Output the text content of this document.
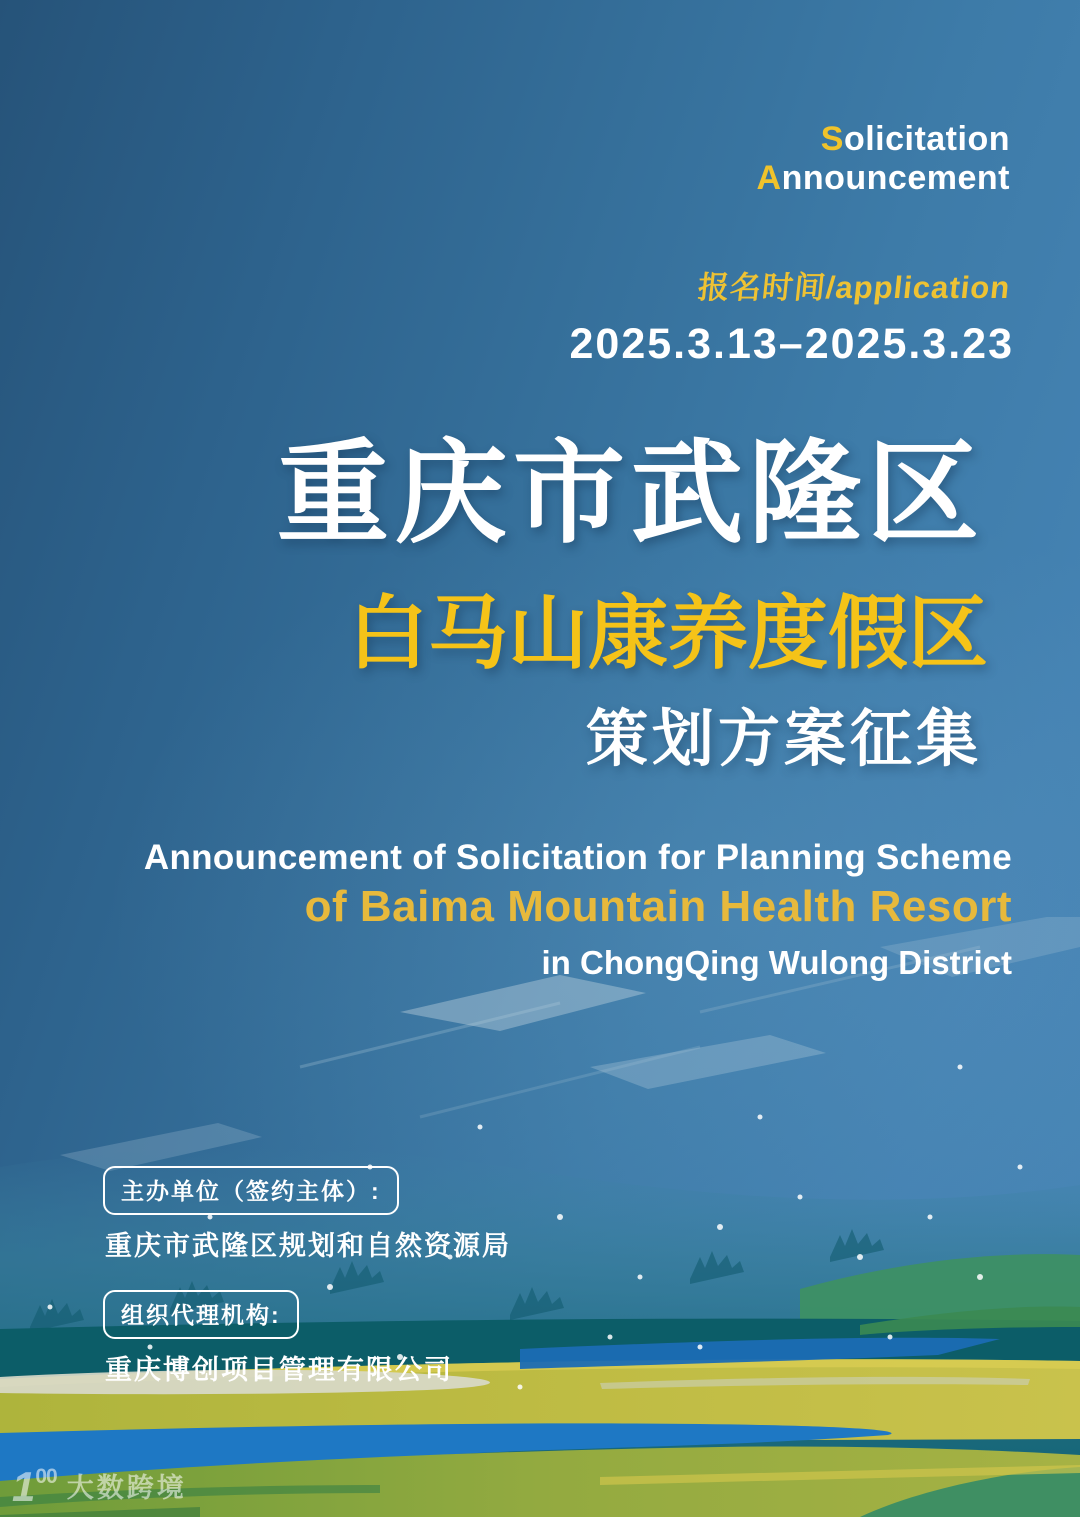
Solicitation
Announcement
报名时间/application
2025.3.13–2025.3.23
重庆市武隆区
白马山康养度假区
策划方案征集
Announcement of Solicitation for Planning Scheme
of Baima Mountain Health Resort
in ChongQing Wulong District
主办单位（签约主体）:
重庆市武隆区规划和自然资源局
组织代理机构:
重庆博创项目管理有限公司
100 大数跨境
